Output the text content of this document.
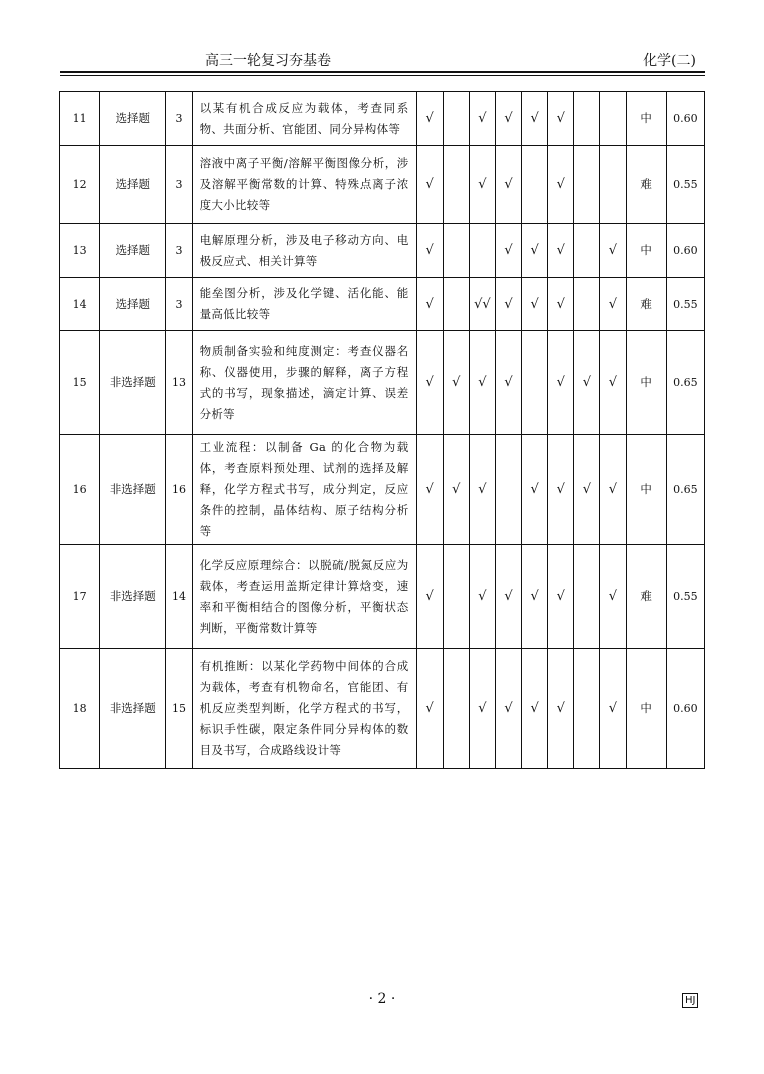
高三一轮复习夯基卷	化学(二)
11	选择题	3	以某有机合成反应为载体，考查同系物、共面分析、官能团、同分异构体等	√		√	√	√	√			中	0.60
12	选择题	3	溶液中离子平衡/溶解平衡图像分析，涉及溶解平衡常数的计算、特殊点离子浓度大小比较等	√		√	√		√			难	0.55
13	选择题	3	电解原理分析，涉及电子移动方向、电极反应式、相关计算等	√			√	√	√		√	中	0.60
14	选择题	3	能垒图分析，涉及化学键、活化能、能量高低比较等	√		√√	√	√	√		√	难	0.55
15	非选择题	13	物质制备实验和纯度测定：考查仪器名称、仪器使用，步骤的解释，离子方程式的书写，现象描述，滴定计算、误差分析等	√	√	√	√		√	√	√	中	0.65
16	非选择题	16	工业流程：以制备 Ga 的化合物为载体，考查原料预处理、试剂的选择及解释，化学方程式书写，成分判定，反应条件的控制，晶体结构、原子结构分析等	√	√	√		√	√	√	√	中	0.65
17	非选择题	14	化学反应原理综合：以脱硫/脱氮反应为载体，考查运用盖斯定律计算焓变，速率和平衡相结合的图像分析，平衡状态判断，平衡常数计算等	√		√	√	√	√		√	难	0.55
18	非选择题	15	有机推断：以某化学药物中间体的合成为载体，考查有机物命名，官能团、有机反应类型判断，化学方程式的书写，标识手性碳，限定条件同分异构体的数目及书写，合成路线设计等	√		√	√	√	√		√	中	0.60
· 2 ·	HJ
